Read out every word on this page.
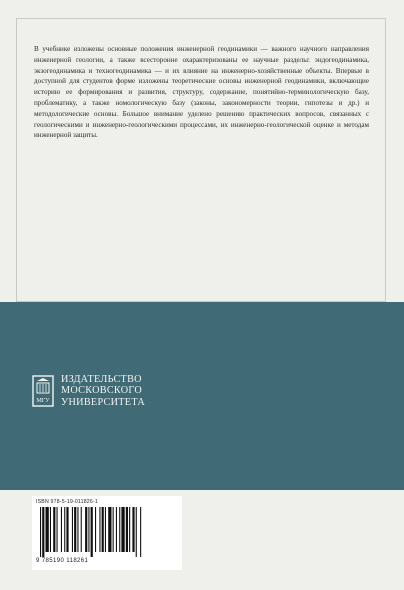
В учебнике изложены основные положения инженерной геодинамики — важного научного направления инженерной геологии, а также всесторонне охарактеризованы ее научные разделы: эндогеодинамика, экзогеодинамика и техногеодинамика — и их влияние на инженерно-хозяйственные объекты. Впервые в доступной для студентов форме изложены теоретические основы инженерной геодинамики, включающие историю ее формирования и развития, структуру, содержание, понятийно-терминологическую базу, проблематику, а также номологическую базу (законы, закономерности теории, гипотезы и др.) и методологические основы. Большое внимание уделено решению практических вопросов, связанных с геологическими и инженерно-геологическими процессами, их инженерно-геологической оценке и методам инженерной защиты.

МГУ
ИЗДАТЕЛЬСТВО
МОСКОВСКОГО
УНИВЕРСИТЕТА
ISBN 978-5-19-011826-1
9 785190 118261
